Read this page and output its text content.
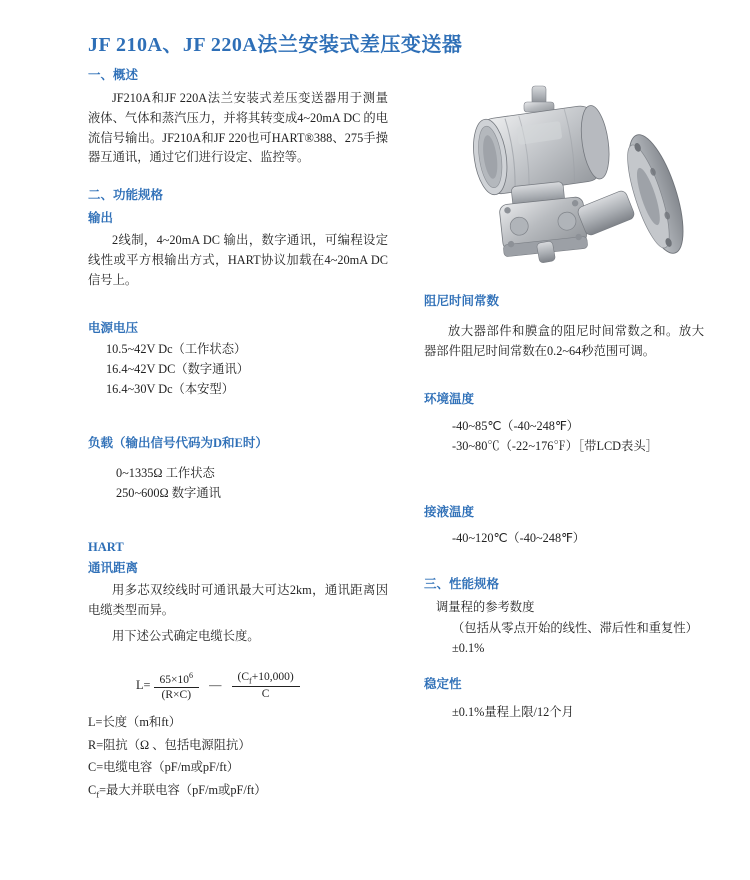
JF 210A、JF 220A法兰安装式差压变送器
一、概述

JF210A和JF 220A法兰安装式差压变送器用于测量液体、气体和蒸汽压力，并将其转变成4~20mA DC 的电流信号输出。JF210A和JF 220也可HART®388、275手操器互通讯，通过它们进行设定、监控等。

二、功能规格
输出

2线制，4~20mA DC 输出，数字通讯，可编程设定线性或平方根输出方式，HART协议加载在4~20mA DC 信号上。

电源电压

10.5~42V Dc（工作状态）

16.4~42V DC（数字通讯）

16.4~30V Dc（本安型）

负载（输出信号代码为D和E时）

0~1335Ω 工作状态

250~600Ω 数字通讯

HART
通讯距离

用多芯双绞线时可通讯最大可达2km，通讯距离因电缆类型而异。

用下述公式确定电缆长度。

$L= \frac{65\times 10^6}{(R\times C)}$ — $\frac{(C_f+10,000)}{C}$

L=长度（m和ft）

R=阻抗（Ω 、包括电源阻抗）

C=电缆电容（pF/m或pF/ft）

$C_f=$最大并联电容（pF/m或pF/ft）

阻尼时间常数

放大器部件和膜盒的阻尼时间常数之和。放大器部件阻尼时间常数在0.2~64秒范围可调。

环境温度

-40~85℃（-40~248℉）

-30~80℃（-22~176℉）［带LCD表头］

接液温度

-40~120℃（-40~248℉）

三、性能规格
调量程的参考数度

（包括从零点开始的线性、滞后性和重复性）

±0.1%

稳定性

±0.1%量程上限/12个月
